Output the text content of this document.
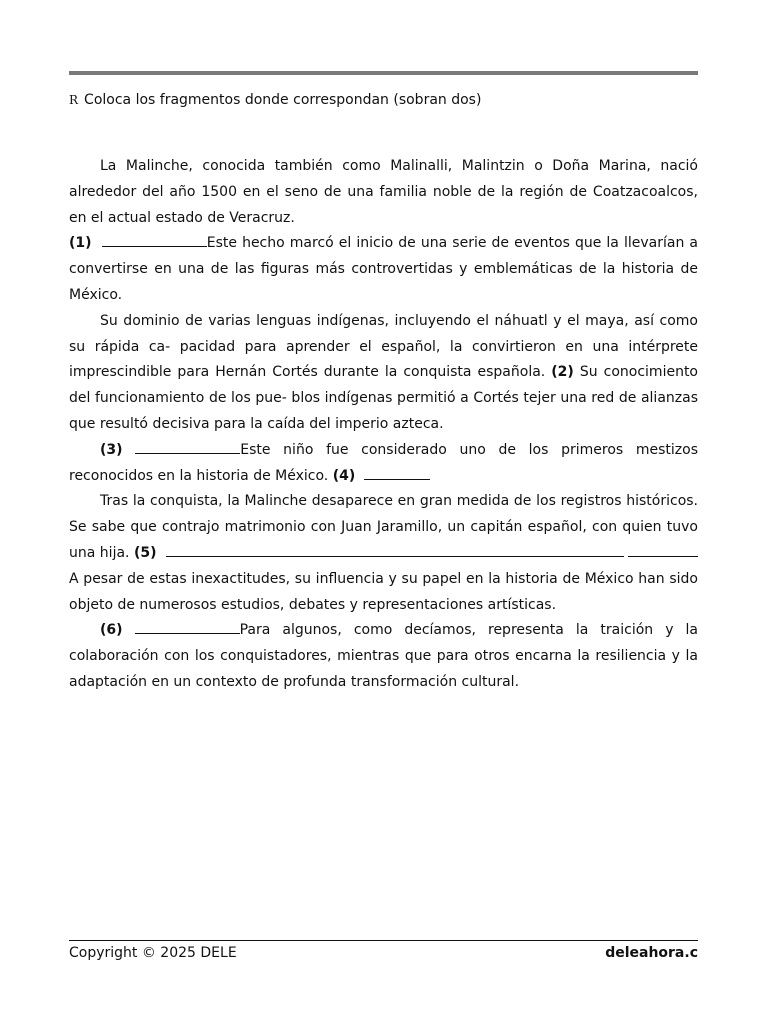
R Coloca los fragmentos donde correspondan (sobran dos)

La Malinche, conocida también como Malinalli, Malintzin o Doña Marina, nació alrededor del año 1500 en el seno de una familia noble de la región de Coatzacoalcos, en el actual estado de Veracruz.

(1)	Este hecho marcó el inicio de una serie de eventos que la llevarían a convertirse en una de las figuras más controvertidas y emblemáticas de la historia de México.

Su dominio de varias lenguas indígenas, incluyendo el náhuatl y el maya, así como su rápida ca- pacidad para aprender el español, la convirtieron en una intérprete imprescindible para Hernán Cortés durante la conquista española. (2) Su conocimiento del funcionamiento de los pue- blos indígenas permitió a Cortés tejer una red de alianzas que resultó decisiva para la caída del imperio azteca.

(3)	Este niño fue considerado uno de los primeros mestizos reconocidos en la historia de México. (4)

Tras la conquista, la Malinche desaparece en gran medida de los registros históricos. Se sabe que contrajo matrimonio con Juan Jaramillo, un capitán español, con quien tuvo una hija. (5)   A pesar de estas inexactitudes, su influencia y su papel en la historia de México han sido objeto de numerosos estudios, debates y representaciones artísticas.

(6)	Para algunos, como decíamos, representa la traición y la colaboración con los conquistadores, mientras que para otros encarna la resiliencia y la adaptación en un contexto de profunda transformación cultural.

Copyright © 2025 DELE	deleahora.c
